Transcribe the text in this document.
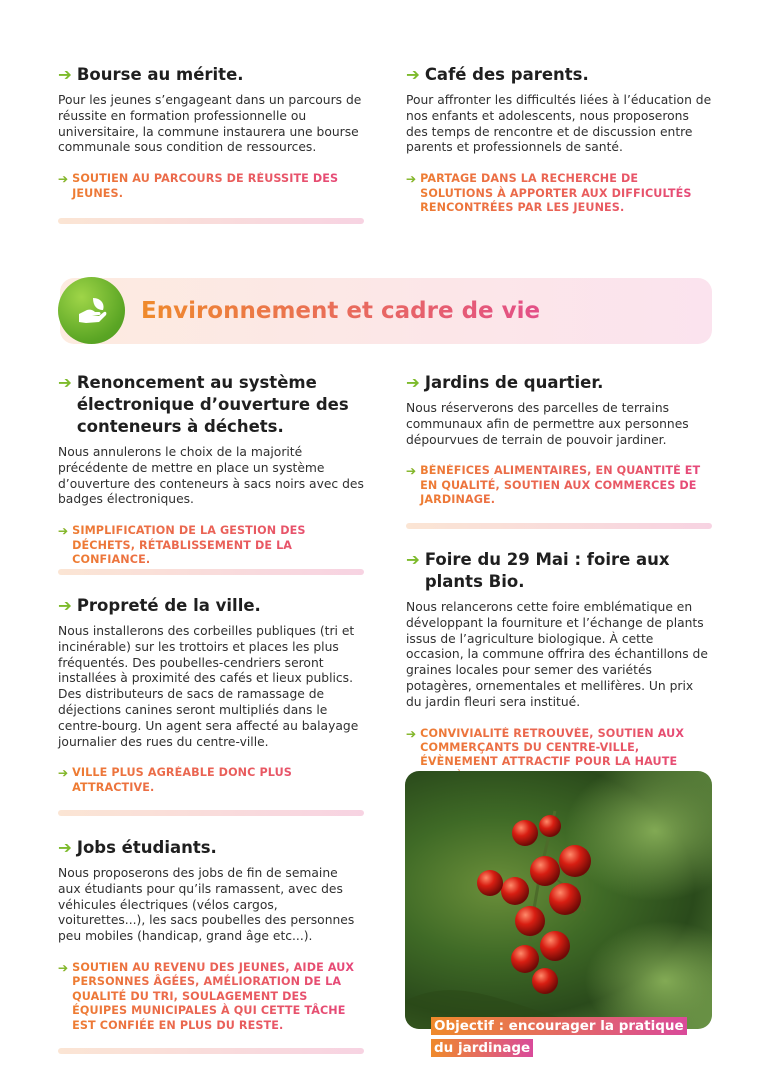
➔ Bourse au mérite.

Pour les jeunes s’engageant dans un parcours de réussite en formation professionnelle ou universitaire, la commune instaurera une bourse communale sous condition de ressources.

➔ SOUTIEN AU PARCOURS DE RÉUSSITE DES JEUNES.
➔ Café des parents.

Pour affronter les difficultés liées à l’éducation de nos enfants et adolescents, nous proposerons des temps de rencontre et de discussion entre parents et professionnels de santé.

➔ PARTAGE DANS LA RECHERCHE DE SOLUTIONS À APPORTER AUX DIFFICULTÉS RENCONTRÉES PAR LES JEUNES.
Environnement et cadre de vie
➔ Renoncement au système électronique d’ouverture des conteneurs à déchets.

Nous annulerons le choix de la majorité précédente de mettre en place un système d’ouverture des conteneurs à sacs noirs avec des badges électroniques.

➔ SIMPLIFICATION DE LA GESTION DES DÉCHETS, RÉTABLISSEMENT DE LA CONFIANCE.
➔ Propreté de la ville.

Nous installerons des corbeilles publiques (tri et incinérable) sur les trottoirs et places les plus fréquentés. Des poubelles-cendriers seront installées à proximité des cafés et lieux publics. Des distributeurs de sacs de ramassage de déjections canines seront multipliés dans le centre-bourg. Un agent sera affecté au balayage journalier des rues du centre-ville.

➔ VILLE PLUS AGRÉABLE DONC PLUS ATTRACTIVE.
➔ Jobs étudiants.

Nous proposerons des jobs de fin de semaine aux étudiants pour qu’ils ramassent, avec des véhicules électriques (vélos cargos, voiturettes...), les sacs poubelles des personnes peu mobiles (handicap, grand âge etc...).

➔ SOUTIEN AU REVENU DES JEUNES, AIDE AUX PERSONNES ÂGÉES, AMÉLIORATION DE LA QUALITÉ DU TRI, SOULAGEMENT DES ÉQUIPES MUNICIPALES À QUI CETTE TÂCHE EST CONFIÉE EN PLUS DU RESTE.
➔ Jardins de quartier.

Nous réserverons des parcelles de terrains communaux afin de permettre aux personnes dépourvues de terrain de pouvoir jardiner.

➔ BÉNÉFICES ALIMENTAIRES, EN QUANTITÉ ET EN QUALITÉ, SOUTIEN AUX COMMERCES DE JARDINAGE.
➔ Foire du 29 Mai : foire aux plants Bio.

Nous relancerons cette foire emblématique en développant la fourniture et l’échange de plants issus de l’agriculture biologique. À cette occasion, la commune offrira des échantillons de graines locales pour semer des variétés potagères, ornementales et mellifères. Un prix du jardin fleuri sera institué.

➔ CONVIVIALITÉ RETROUVÉE, SOUTIEN AUX COMMERÇANTS DU CENTRE-VILLE, ÉVÈNEMENT ATTRACTIF POUR LA HAUTE
Objectif : encourager la pratique du jardinage
